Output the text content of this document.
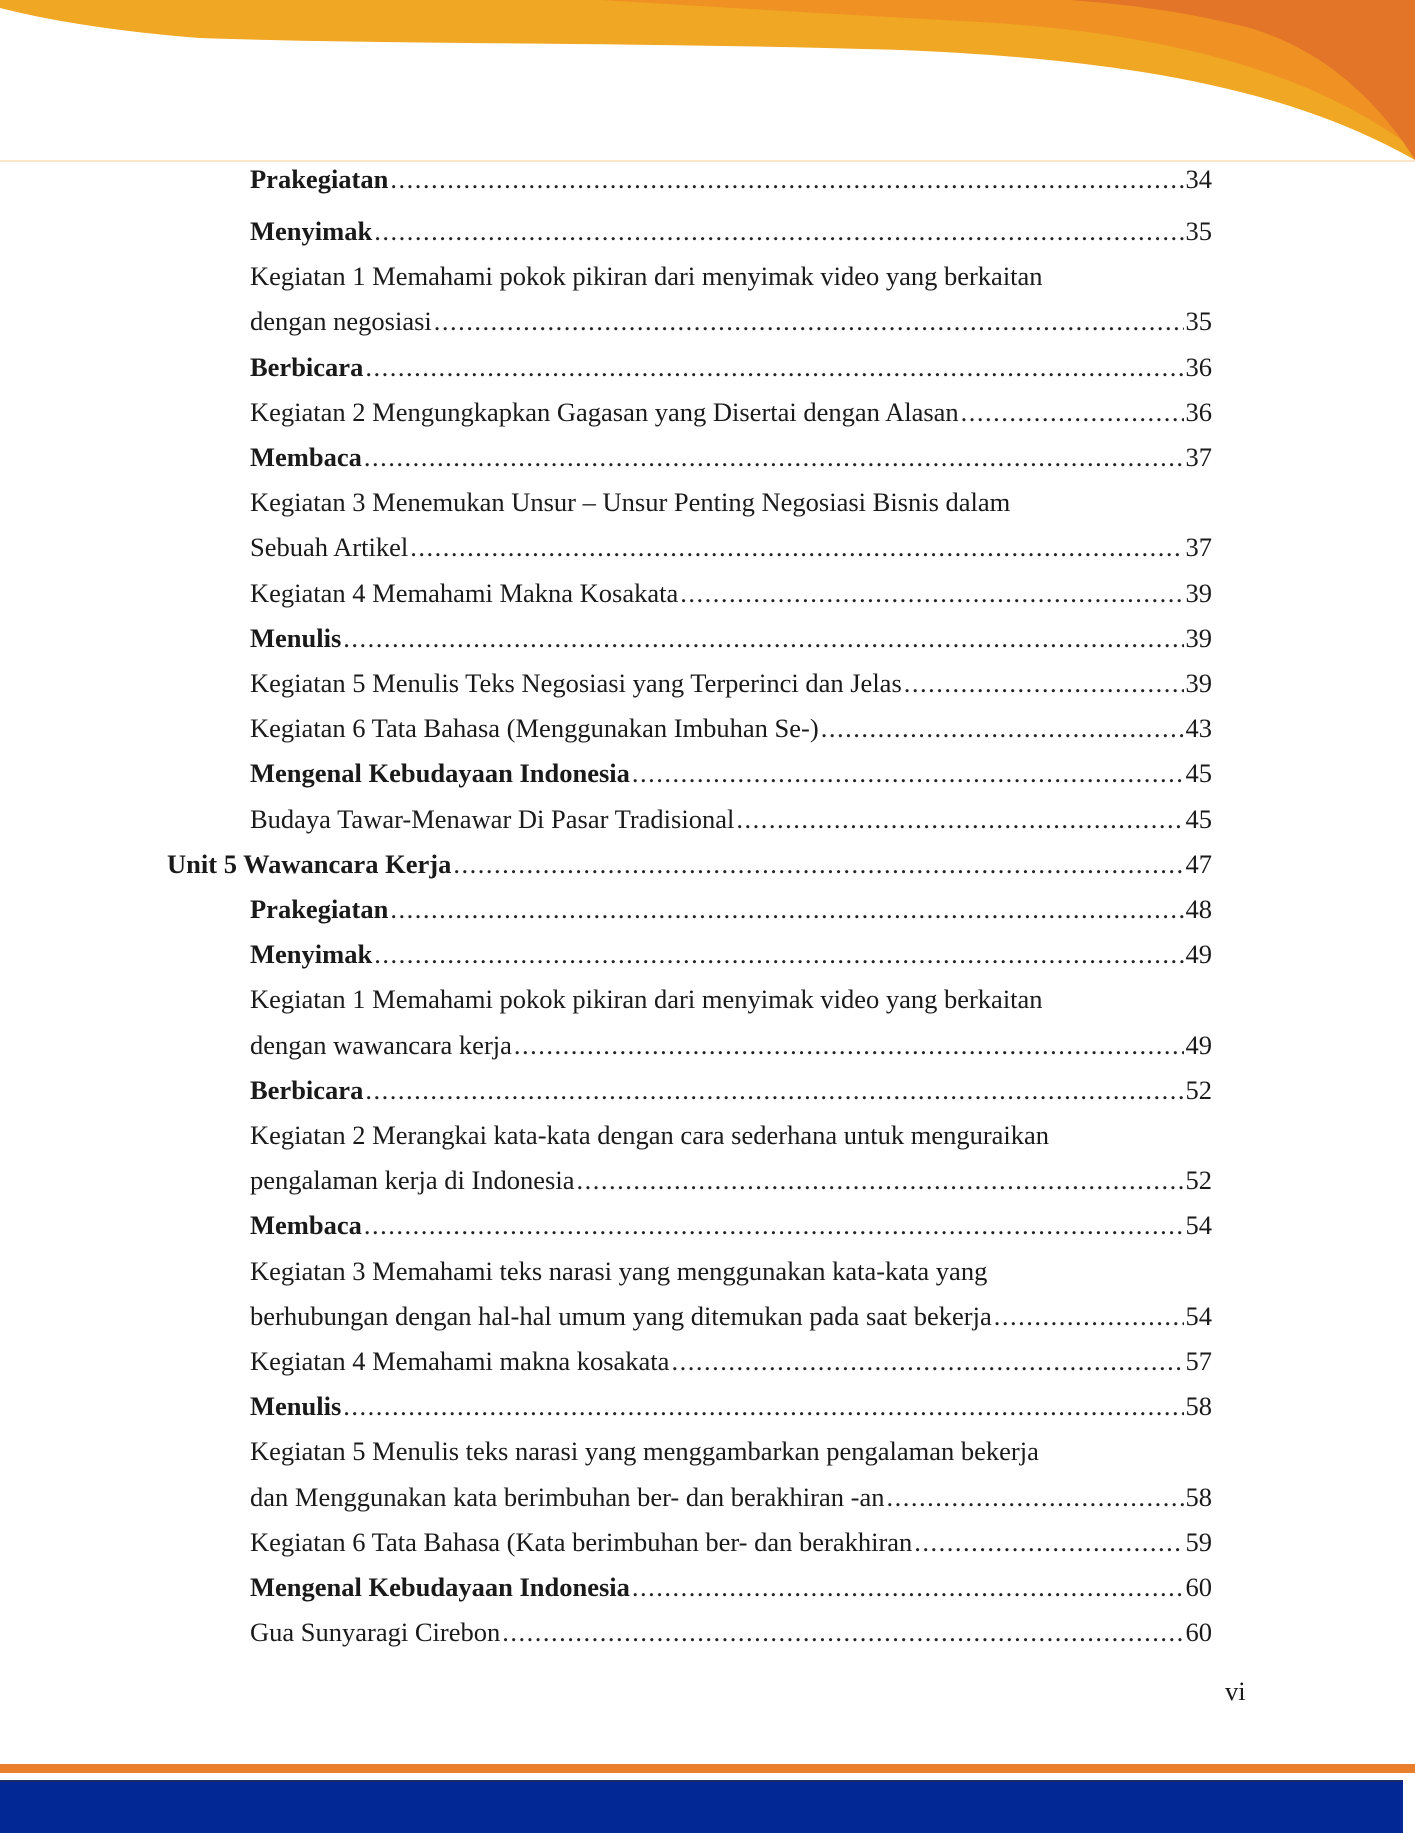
Prakegiatan .....	34
Menyimak .....	35
Kegiatan 1 Memahami pokok pikiran dari menyimak video yang berkaitan
dengan negosiasi .....	35
Berbicara .....	36
Kegiatan 2 Mengungkapkan Gagasan yang Disertai dengan Alasan .....	36
Membaca .....	37
Kegiatan 3 Menemukan Unsur – Unsur Penting Negosiasi Bisnis dalam
Sebuah Artikel .....	37
Kegiatan 4 Memahami Makna Kosakata .....	39
Menulis .....	39
Kegiatan 5 Menulis Teks Negosiasi yang Terperinci dan Jelas .....	39
Kegiatan 6 Tata Bahasa (Menggunakan Imbuhan Se-) .....	43
Mengenal Kebudayaan Indonesia .....	45
Budaya Tawar-Menawar Di Pasar Tradisional .....	45
Unit 5 Wawancara Kerja .....	47
Prakegiatan .....	48
Menyimak .....	49
Kegiatan 1 Memahami pokok pikiran dari menyimak video yang berkaitan
dengan wawancara kerja .....	49
Berbicara .....	52
Kegiatan 2 Merangkai kata-kata dengan cara sederhana untuk menguraikan
pengalaman kerja di Indonesia .....	52
Membaca .....	54
Kegiatan 3 Memahami teks narasi yang menggunakan kata-kata yang
berhubungan dengan hal-hal umum yang ditemukan pada saat bekerja .....	54
Kegiatan 4 Memahami makna kosakata .....	57
Menulis .....	58
Kegiatan 5 Menulis teks narasi yang menggambarkan pengalaman bekerja
dan Menggunakan kata berimbuhan ber- dan berakhiran -an .....	58
Kegiatan 6 Tata Bahasa (Kata berimbuhan ber- dan berakhiran .....	59
Mengenal Kebudayaan Indonesia .....	60
Gua Sunyaragi Cirebon .....	60
vi
